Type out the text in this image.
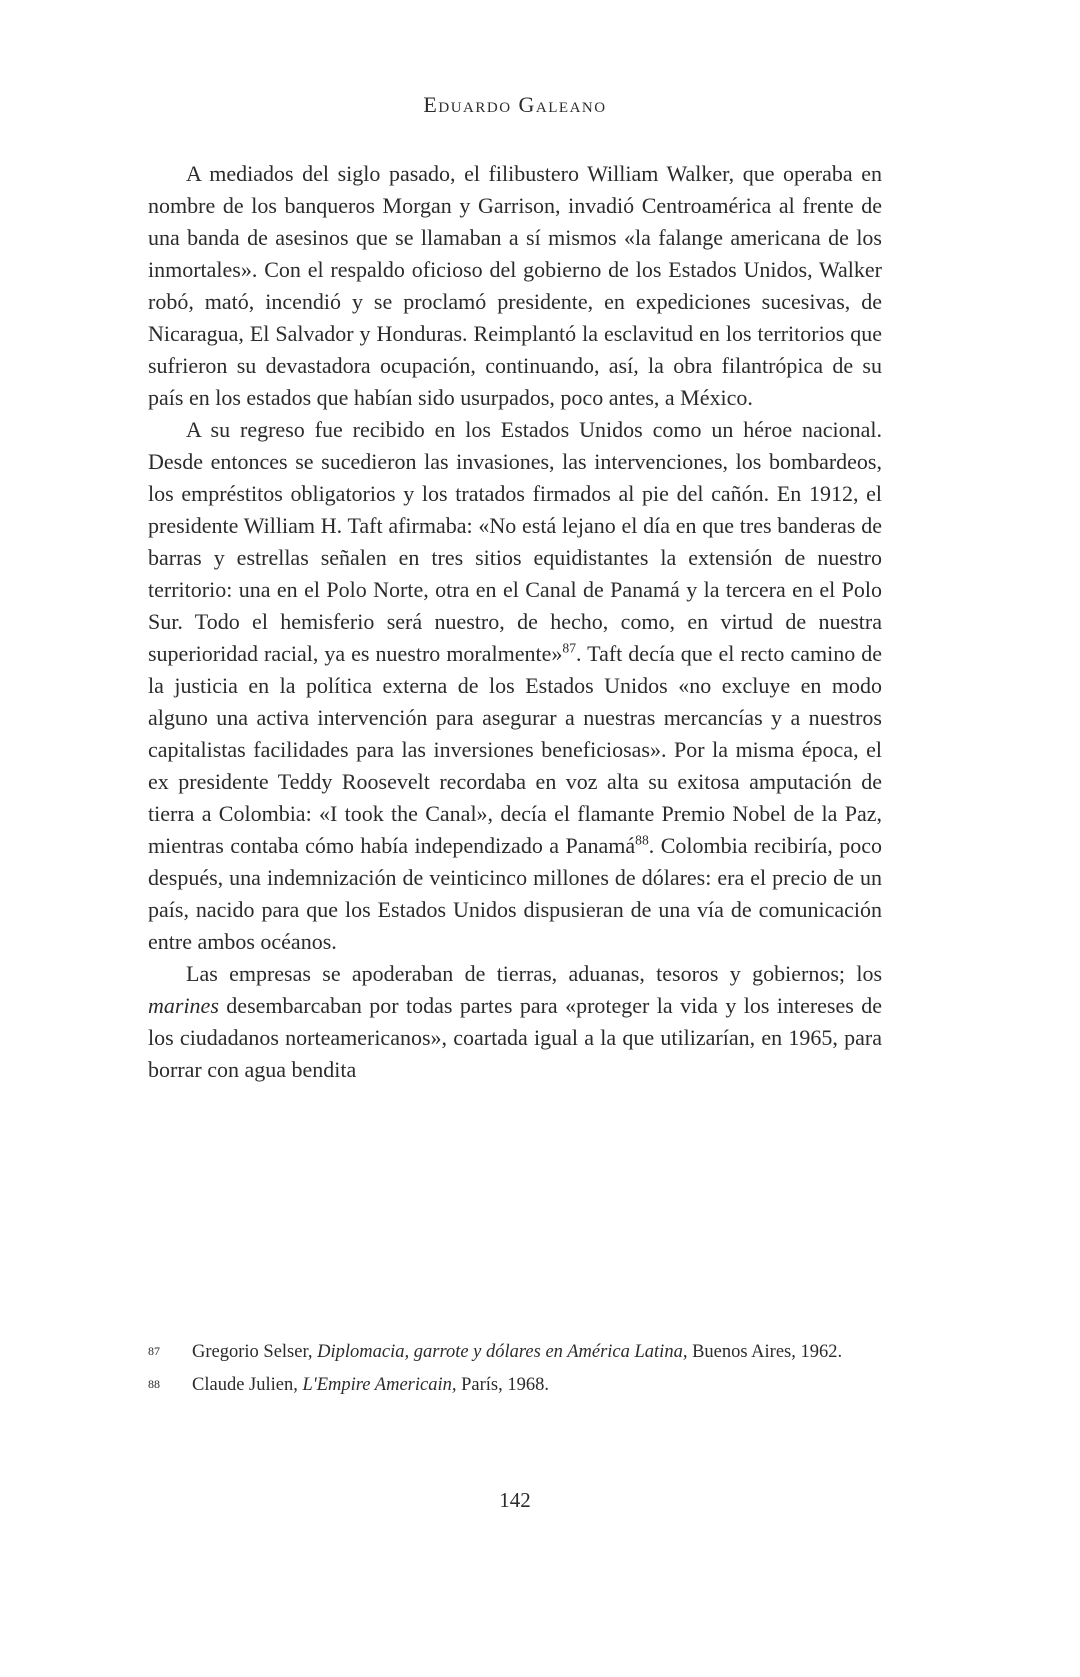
Eduardo Galeano

A mediados del siglo pasado, el filibustero William Walker, que operaba en nombre de los banqueros Morgan y Garrison, invadió Centroamérica al frente de una banda de asesinos que se llamaban a sí mismos «la falange americana de los inmortales». Con el respaldo oficioso del gobierno de los Estados Unidos, Walker robó, mató, incendió y se proclamó presidente, en expediciones sucesivas, de Nicaragua, El Salvador y Honduras. Reimplantó la esclavitud en los territorios que sufrieron su devastadora ocupación, continuando, así, la obra filantrópica de su país en los estados que habían sido usurpados, poco antes, a México.

A su regreso fue recibido en los Estados Unidos como un héroe nacional. Desde entonces se sucedieron las invasiones, las intervenciones, los bombardeos, los empréstitos obligatorios y los tratados firmados al pie del cañón. En 1912, el presidente William H. Taft afirmaba: «No está lejano el día en que tres banderas de barras y estrellas señalen en tres sitios equidistantes la extensión de nuestro territorio: una en el Polo Norte, otra en el Canal de Panamá y la tercera en el Polo Sur. Todo el hemisferio será nuestro, de hecho, como, en virtud de nuestra superioridad racial, ya es nuestro moralmente»$^{87}$. Taft decía que el recto camino de la justicia en la política externa de los Estados Unidos «no excluye en modo alguno una activa intervención para asegurar a nuestras mercancías y a nuestros capitalistas facilidades para las inversiones beneficiosas». Por la misma época, el ex presidente Teddy Roosevelt recordaba en voz alta su exitosa amputación de tierra a Colombia: «I took the Canal», decía el flamante Premio Nobel de la Paz, mientras contaba cómo había independizado a Panamá$^{88}$. Colombia recibiría, poco después, una indemnización de veinticinco millones de dólares: era el precio de un país, nacido para que los Estados Unidos dispusieran de una vía de comunicación entre ambos océanos.

Las empresas se apoderaban de tierras, aduanas, tesoros y gobiernos; los marines desembarcaban por todas partes para «proteger la vida y los intereses de los ciudadanos norteamericanos», coartada igual a la que utilizarían, en 1965, para borrar con agua bendita

87 Gregorio Selser, Diplomacia, garrote y dólares en América Latina, Buenos Aires, 1962.
88 Claude Julien, L'Empire Americain, París, 1968.
142
